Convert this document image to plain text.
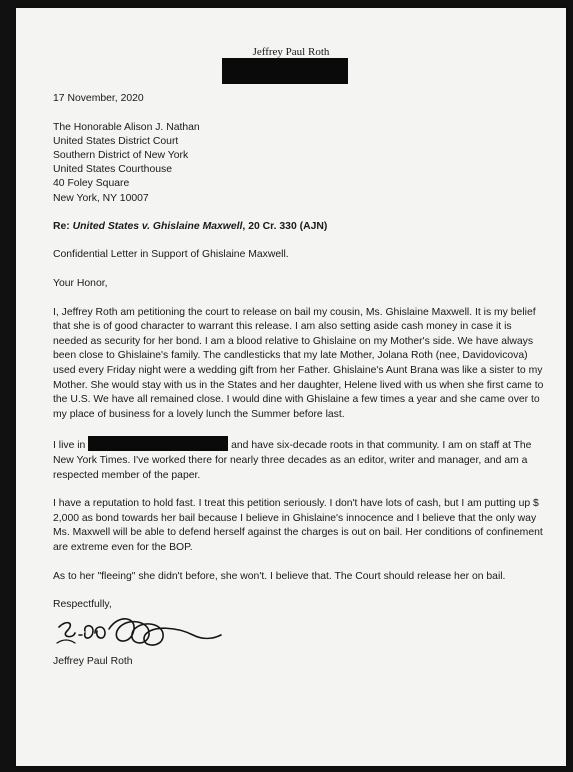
Jeffrey Paul Roth

17 November, 2020

The Honorable Alison J. Nathan
United States District Court
Southern District of New York
United States Courthouse
40 Foley Square
New York, NY 10007

Re: United States v. Ghislaine Maxwell, 20 Cr. 330 (AJN)

Confidential Letter in Support of Ghislaine Maxwell.

Your Honor,

I, Jeffrey Roth am petitioning the court to release on bail my cousin, Ms. Ghislaine Maxwell. It is my belief that she is of good character to warrant this release. I am also setting aside cash money in case it is needed as security for her bond. I am a blood relative to Ghislaine on my Mother's side. We have always been close to Ghislaine's family. The candlesticks that my late Mother, Jolana Roth (nee, Davidovicova) used every Friday night were a wedding gift from her Father. Ghislaine's Aunt Brana was like a sister to my Mother. She would stay with us in the States and her daughter, Helene lived with us when she first came to the U.S. We have all remained close. I would dine with Ghislaine a few times a year and she came over to my place of business for a lovely lunch the Summer before last.

I live in	and have six-decade roots in that community. I am on staff at The New York Times. I've worked there for nearly three decades as an editor, writer and manager, and am a respected member of the paper.

I have a reputation to hold fast. I treat this petition seriously. I don't have lots of cash, but I am putting up $ 2,000 as bond towards her bail because I believe in Ghislaine's innocence and I believe that the only way Ms. Maxwell will be able to defend herself against the charges is out on bail. Her conditions of confinement are extreme even for the BOP.

As to her "fleeing" she didn't before, she won't. I believe that. The Court should release her on bail.

Respectfully,
Jeffrey Paul Roth
